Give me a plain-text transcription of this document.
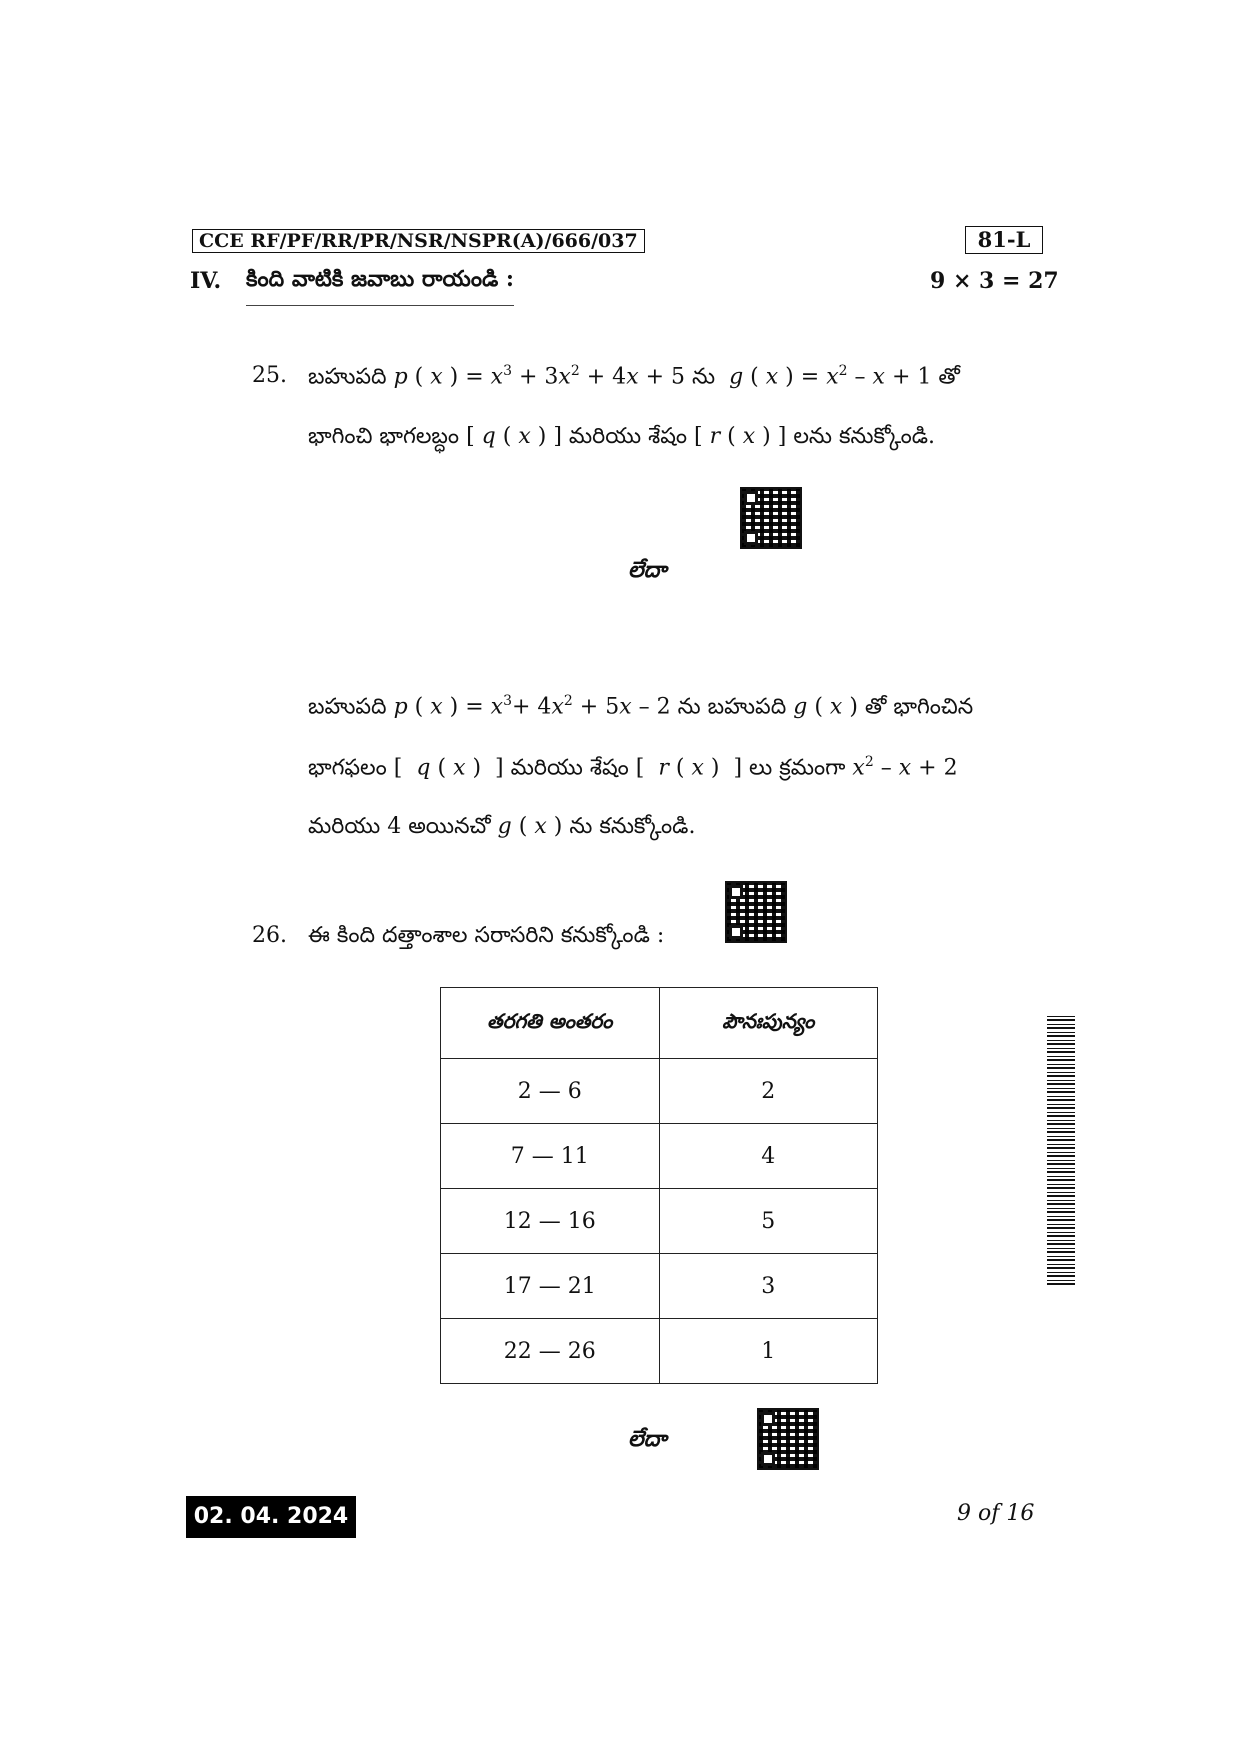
CCE RF/PF/RR/PR/NSR/NSPR(A)/666/037	81-L
IV. కింది వాటికి జవాబు రాయండి :	9 × 3 = 27
25. బహుపది p ( x ) = $x^3 + 3x^2 + 4x + 5$ ను g ( x ) = $x^2 - x + 1$ తో
భాగించి భాగలబ్ధం [ q ( x ) ] మరియు శేషం [ r ( x ) ] లను కనుక్కోండి.
లేదా
బహుపది p ( x ) = $x^3+ 4x^2 + 5x - 2$ ను బహుపది g ( x ) తో భాగించిన
భాగఫలం [ q ( x )  ] మరియు శేషం [ r ( x )  ] లు క్రమంగా $x^2 - x + 2$
మరియు 4 అయినచో g ( x ) ను కనుక్కోండి.
26. ఈ కింది దత్తాంశాల సరాసరిని కనుక్కోండి :
తరగతి అంతరం	పౌనఃపున్యం
2 — 6	2
7 — 11	4
12 — 16	5
17 — 21	3
22 — 26	1
లేదా
02. 04. 2024	9 of 16
